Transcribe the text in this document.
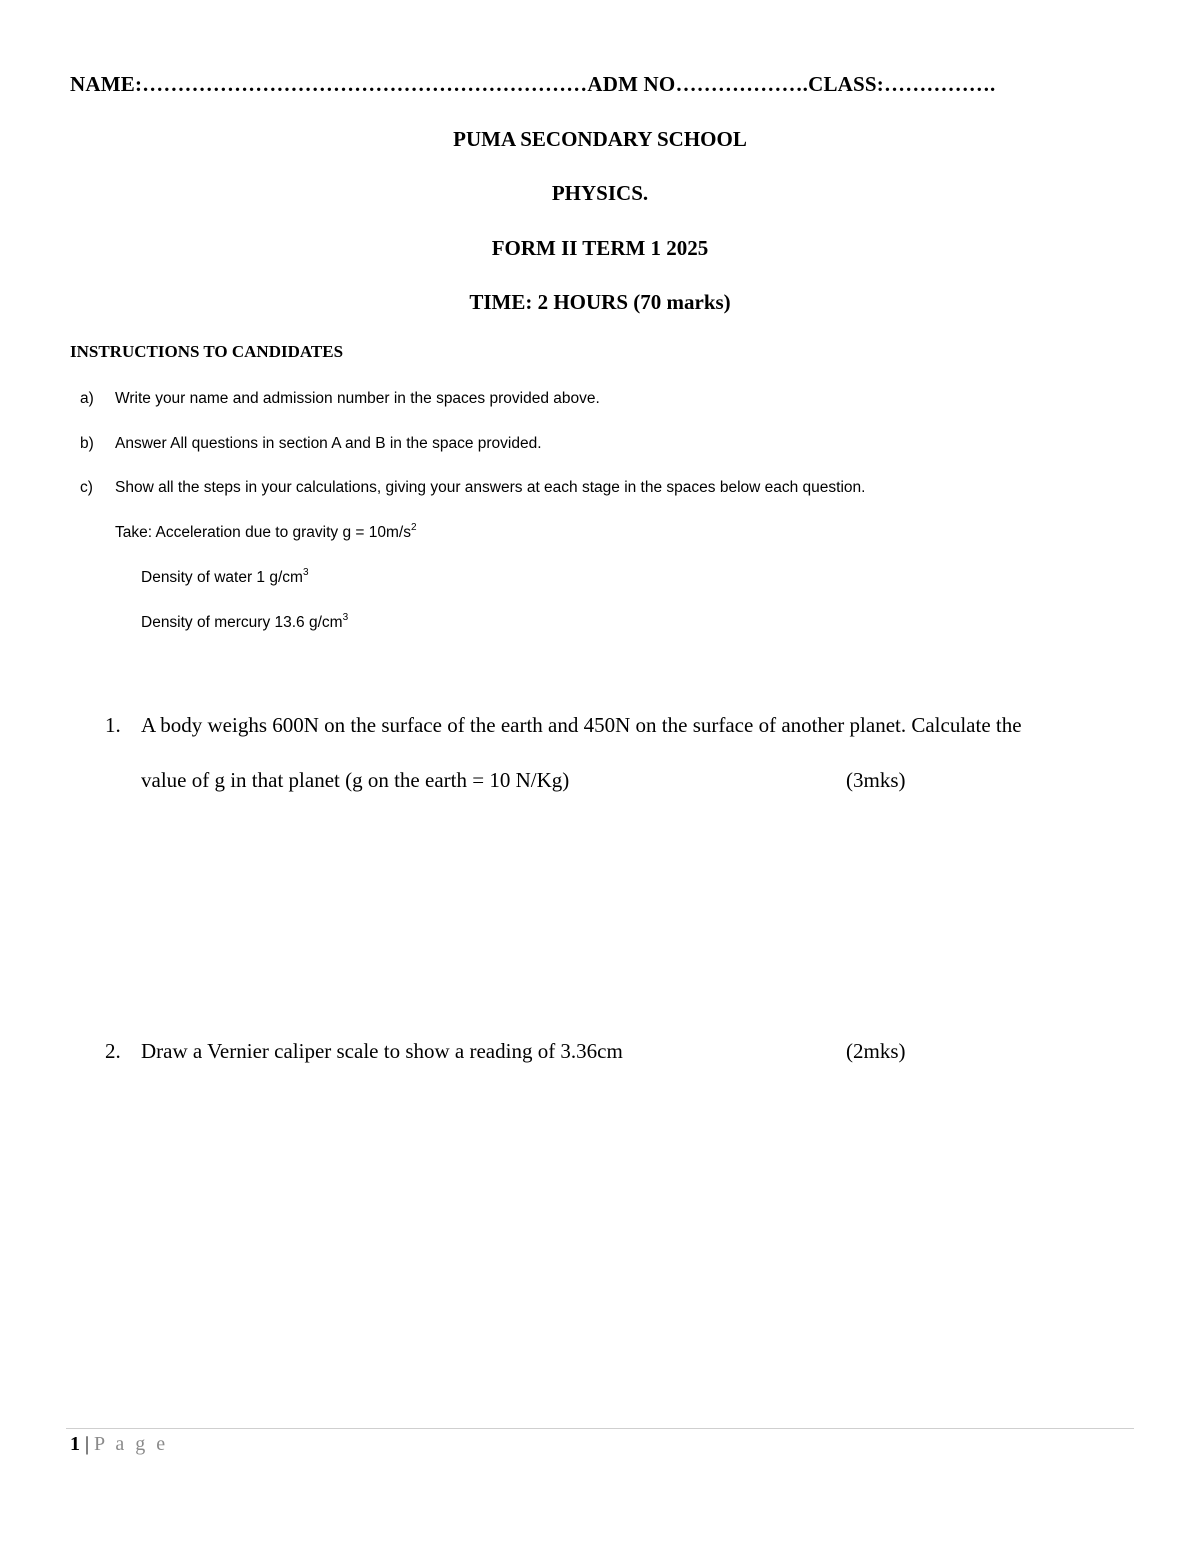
NAME:………………………………………………………ADM NO……………….CLASS:…………….
PUMA SECONDARY SCHOOL
PHYSICS.
FORM II TERM 1 2025
TIME: 2 HOURS (70 marks)
INSTRUCTIONS TO CANDIDATES
a) Write your name and admission number in the spaces provided above.
b) Answer All questions in section A and B in the space provided.
c) Show all the steps in your calculations, giving your answers at each stage in the spaces below each question.
Take: Acceleration due to gravity $g = 10m/s^2$
Density of water 1 $g/cm^3$
Density of mercury 13.6 $g/cm^3$
1. A body weighs 600N on the surface of the earth and 450N on the surface of another planet. Calculate the
value of g in that planet (g on the earth = 10 N/Kg)	(3mks)
2. Draw a Vernier caliper scale to show a reading of 3.36cm	(2mks)
1 | P a g e
